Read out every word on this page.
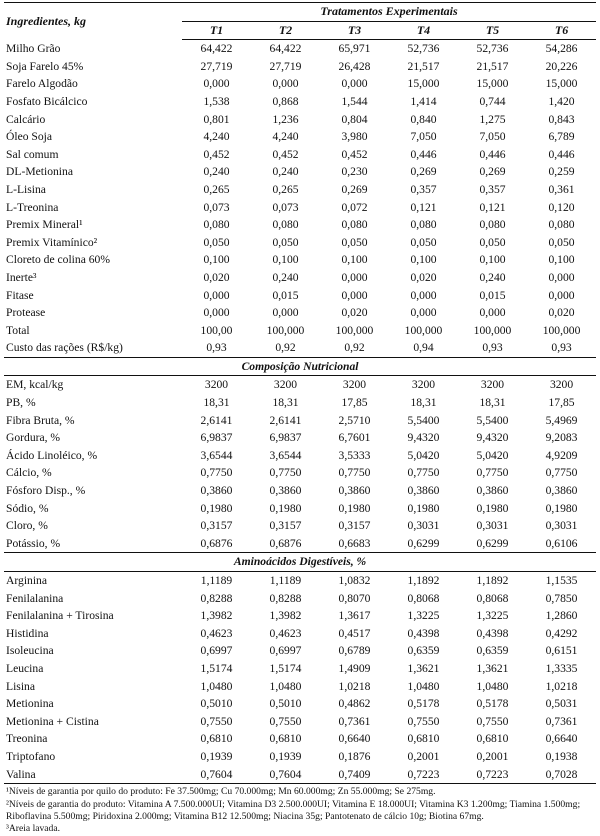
Ingredientes, kg	Tratamentos Experimentais					
	T1	T2	T3	T4	T5	T6
Milho Grão	64,422	64,422	65,971	52,736	52,736	54,286
Soja Farelo 45%	27,719	27,719	26,428	21,517	21,517	20,226
Farelo Algodão	0,000	0,000	0,000	15,000	15,000	15,000
Fosfato Bicálcico	1,538	0,868	1,544	1,414	0,744	1,420
Calcário	0,801	1,236	0,804	0,840	1,275	0,843
Óleo Soja	4,240	4,240	3,980	7,050	7,050	6,789
Sal comum	0,452	0,452	0,452	0,446	0,446	0,446
DL-Metionina	0,240	0,240	0,230	0,269	0,269	0,259
L-Lisina	0,265	0,265	0,269	0,357	0,357	0,361
L-Treonina	0,073	0,073	0,072	0,121	0,121	0,120
Premix Mineral¹	0,080	0,080	0,080	0,080	0,080	0,080
Premix Vitamínico²	0,050	0,050	0,050	0,050	0,050	0,050
Cloreto de colina 60%	0,100	0,100	0,100	0,100	0,100	0,100
Inerte³	0,020	0,240	0,000	0,020	0,240	0,000
Fitase	0,000	0,015	0,000	0,000	0,015	0,000
Protease	0,000	0,000	0,020	0,000	0,000	0,020
Total	100,00	100,000	100,000	100,000	100,000	100,000
Custo das rações (R$/kg)	0,93	0,92	0,92	0,94	0,93	0,93
Composição Nutricional						
EM, kcal/kg	3200	3200	3200	3200	3200	3200
PB, %	18,31	18,31	17,85	18,31	18,31	17,85
Fibra Bruta, %	2,6141	2,6141	2,5710	5,5400	5,5400	5,4969
Gordura, %	6,9837	6,9837	6,7601	9,4320	9,4320	9,2083
Ácido Linoléico, %	3,6544	3,6544	3,5333	5,0420	5,0420	4,9209
Cálcio, %	0,7750	0,7750	0,7750	0,7750	0,7750	0,7750
Fósforo Disp., %	0,3860	0,3860	0,3860	0,3860	0,3860	0,3860
Sódio, %	0,1980	0,1980	0,1980	0,1980	0,1980	0,1980
Cloro, %	0,3157	0,3157	0,3157	0,3031	0,3031	0,3031
Potássio, %	0,6876	0,6876	0,6683	0,6299	0,6299	0,6106
Aminoácidos Digestíveis, %						
Arginina	1,1189	1,1189	1,0832	1,1892	1,1892	1,1535
Fenilalanina	0,8288	0,8288	0,8070	0,8068	0,8068	0,7850
Fenilalanina + Tirosina	1,3982	1,3982	1,3617	1,3225	1,3225	1,2860
Histidina	0,4623	0,4623	0,4517	0,4398	0,4398	0,4292
Isoleucina	0,6997	0,6997	0,6789	0,6359	0,6359	0,6151
Leucina	1,5174	1,5174	1,4909	1,3621	1,3621	1,3335
Lisina	1,0480	1,0480	1,0218	1,0480	1,0480	1,0218
Metionina	0,5010	0,5010	0,4862	0,5178	0,5178	0,5031
Metionina + Cistina	0,7550	0,7550	0,7361	0,7550	0,7550	0,7361
Treonina	0,6810	0,6810	0,6640	0,6810	0,6810	0,6640
Triptofano	0,1939	0,1939	0,1876	0,2001	0,2001	0,1938
Valina	0,7604	0,7604	0,7409	0,7223	0,7223	0,7028
¹Níveis de garantia por quilo do produto: Fe 37.500mg; Cu 70.000mg; Mn 60.000mg; Zn 55.000mg; Se 275mg.
²Níveis de garantia do produto: Vitamina A 7.500.000UI; Vitamina D3 2.500.000UI; Vitamina E 18.000UI; Vitamina K3 1.200mg; Tiamina 1.500mg; Riboflavina 5.500mg; Piridoxina 2.000mg; Vitamina B12 12.500mg; Niacina 35g; Pantotenato de cálcio 10g; Biotina 67mg.
³Areia lavada.
